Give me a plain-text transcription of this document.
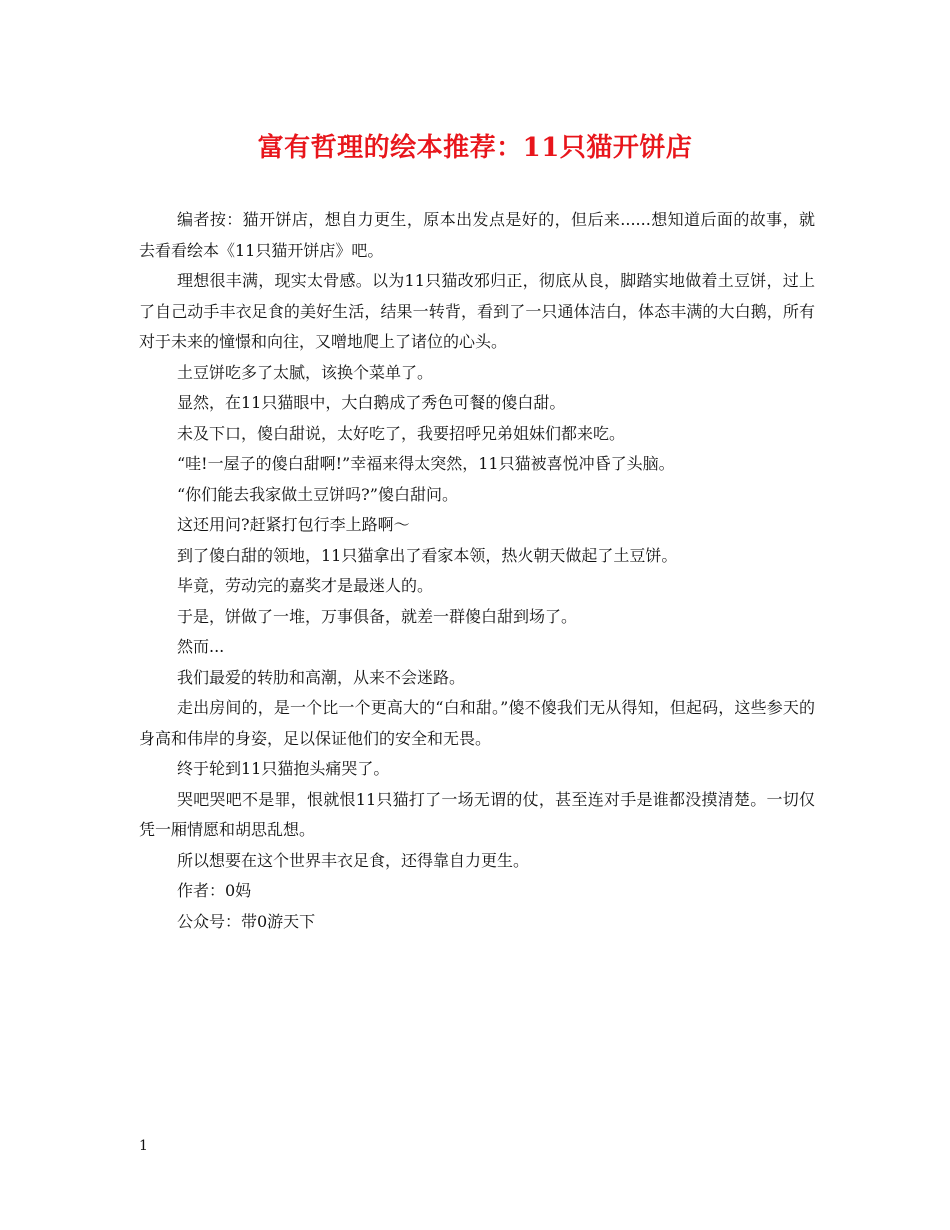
富有哲理的绘本推荐：11只猫开饼店

编者按：猫开饼店，想自力更生，原本出发点是好的，但后来......想知道后面的故事，就去看看绘本《11只猫开饼店》吧。

理想很丰满，现实太骨感。以为11只猫改邪归正，彻底从良，脚踏实地做着土豆饼，过上了自己动手丰衣足食的美好生活，结果一转背，看到了一只通体洁白，体态丰满的大白鹅，所有对于未来的憧憬和向往，又噌地爬上了诸位的心头。

土豆饼吃多了太腻，该换个菜单了。

显然，在11只猫眼中，大白鹅成了秀色可餐的傻白甜。

未及下口，傻白甜说，太好吃了，我要招呼兄弟姐妹们都来吃。

“哇!一屋子的傻白甜啊!”幸福来得太突然，11只猫被喜悦冲昏了头脑。

“你们能去我家做土豆饼吗?”傻白甜问。

这还用问?赶紧打包行李上路啊～

到了傻白甜的领地，11只猫拿出了看家本领，热火朝天做起了土豆饼。

毕竟，劳动完的嘉奖才是最迷人的。

于是，饼做了一堆，万事俱备，就差一群傻白甜到场了。

然而...

我们最爱的转肋和高潮，从来不会迷路。

走出房间的，是一个比一个更高大的“白和甜。”傻不傻我们无从得知，但起码，这些参天的身高和伟岸的身姿，足以保证他们的安全和无畏。

终于轮到11只猫抱头痛哭了。

哭吧哭吧不是罪，恨就恨11只猫打了一场无谓的仗，甚至连对手是谁都没摸清楚。一切仅凭一厢情愿和胡思乱想。

所以想要在这个世界丰衣足食，还得靠自力更生。

作者：0妈

公众号：带0游天下

1
